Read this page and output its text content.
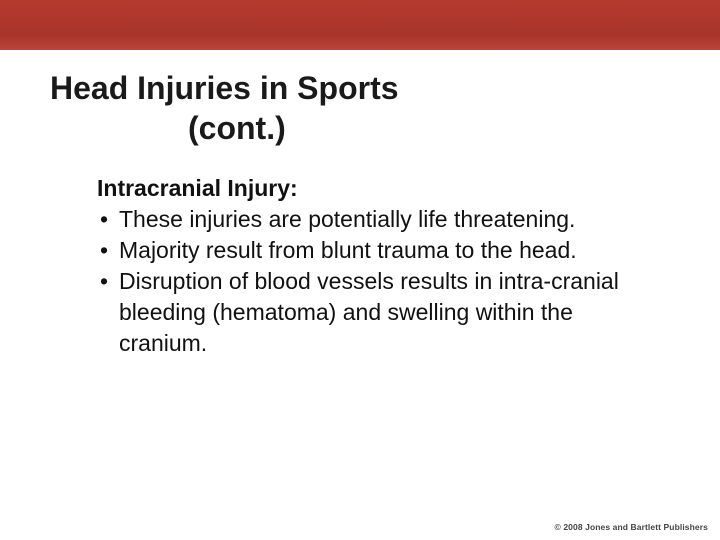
Head Injuries in Sports
(cont.)

Intracranial Injury:

• These injuries are potentially life threatening.
• Majority result from blunt trauma to the head.
• Disruption of blood vessels results in intra-cranial bleeding (hematoma) and swelling within the cranium.
© 2008 Jones and Bartlett Publishers
